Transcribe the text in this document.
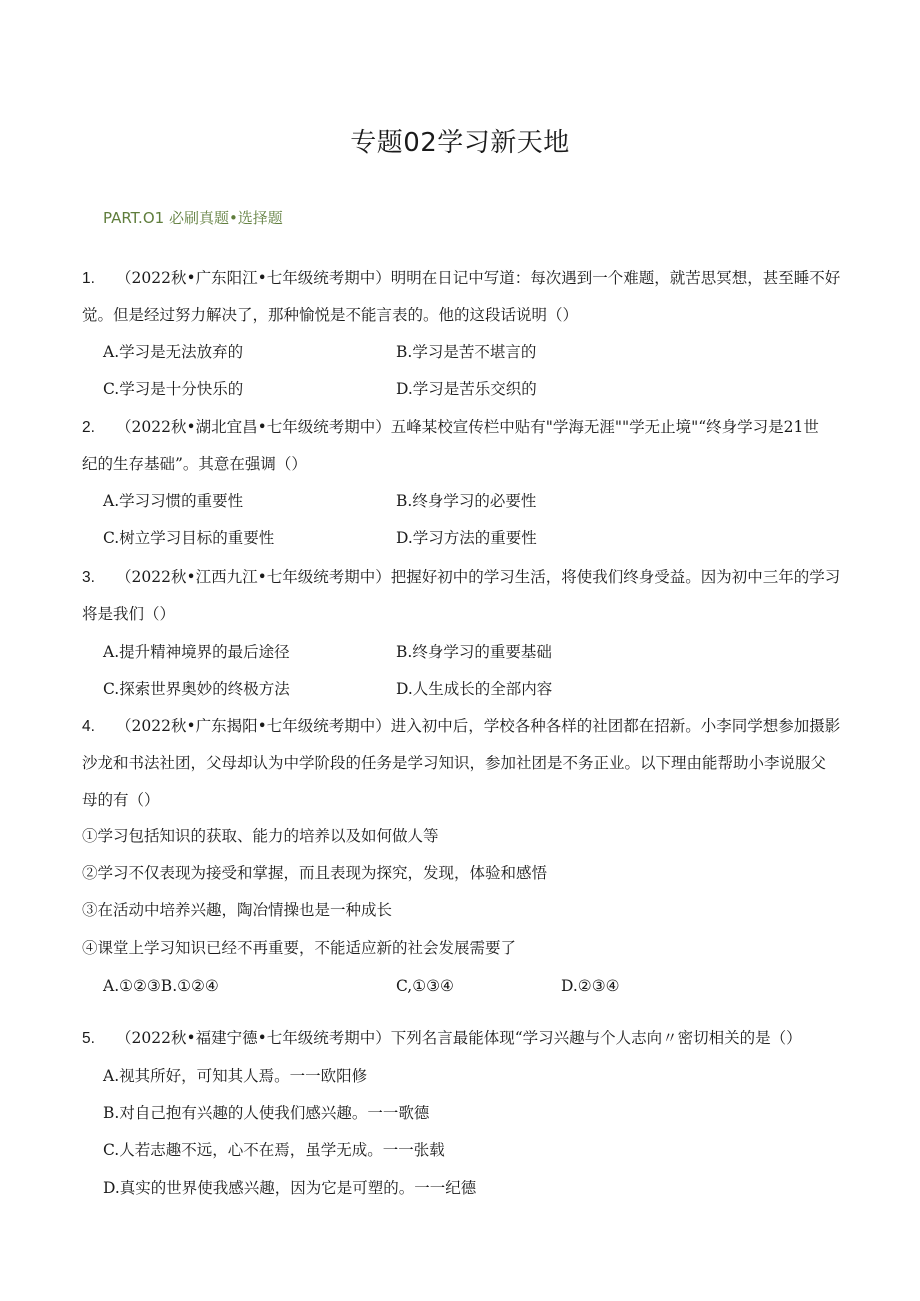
专题02学习新天地
PART.O1 必刷真题•选择题
1. （2022秋•广东阳江•七年级统考期中）明明在日记中写道：每次遇到一个难题，就苦思冥想，甚至睡不好
觉。但是经过努力解决了，那种愉悦是不能言表的。他的这段话说明（）
A.学习是无法放弃的	B.学习是苦不堪言的
C.学习是十分快乐的	D.学习是苦乐交织的
2. （2022秋•湖北宜昌•七年级统考期中）五峰某校宣传栏中贴有"学海无涯""学无止境"“终身学习是21世
纪的生存基础”。其意在强调（）
A.学习习惯的重要性	B.终身学习的必要性
C.树立学习目标的重要性	D.学习方法的重要性
3. （2022秋•江西九江•七年级统考期中）把握好初中的学习生活，将使我们终身受益。因为初中三年的学习
将是我们（）
A.提升精神境界的最后途径	B.终身学习的重要基础
C.探索世界奥妙的终极方法	D.人生成长的全部内容
4. （2022秋•广东揭阳•七年级统考期中）进入初中后，学校各种各样的社团都在招新。小李同学想参加摄影
沙龙和书法社团，父母却认为中学阶段的任务是学习知识，参加社团是不务正业。以下理由能帮助小李说服父
母的有（）
①学习包括知识的获取、能力的培养以及如何做人等
②学习不仅表现为接受和掌握，而且表现为探究，发现，体验和感悟
③在活动中培养兴趣，陶冶情操也是一种成长
④课堂上学习知识已经不再重要，不能适应新的社会发展需要了
A.①②③B.①②④	C,①③④	D.②③④
5. （2022秋•福建宁德•七年级统考期中）下列名言最能体现“学习兴趣与个人志向〃密切相关的是（）
A.视其所好，可知其人焉。一一欧阳修
B.对自己抱有兴趣的人使我们感兴趣。一一歌德
C.人若志趣不远，心不在焉，虽学无成。一一张载
D.真实的世界使我感兴趣，因为它是可塑的。一一纪德
